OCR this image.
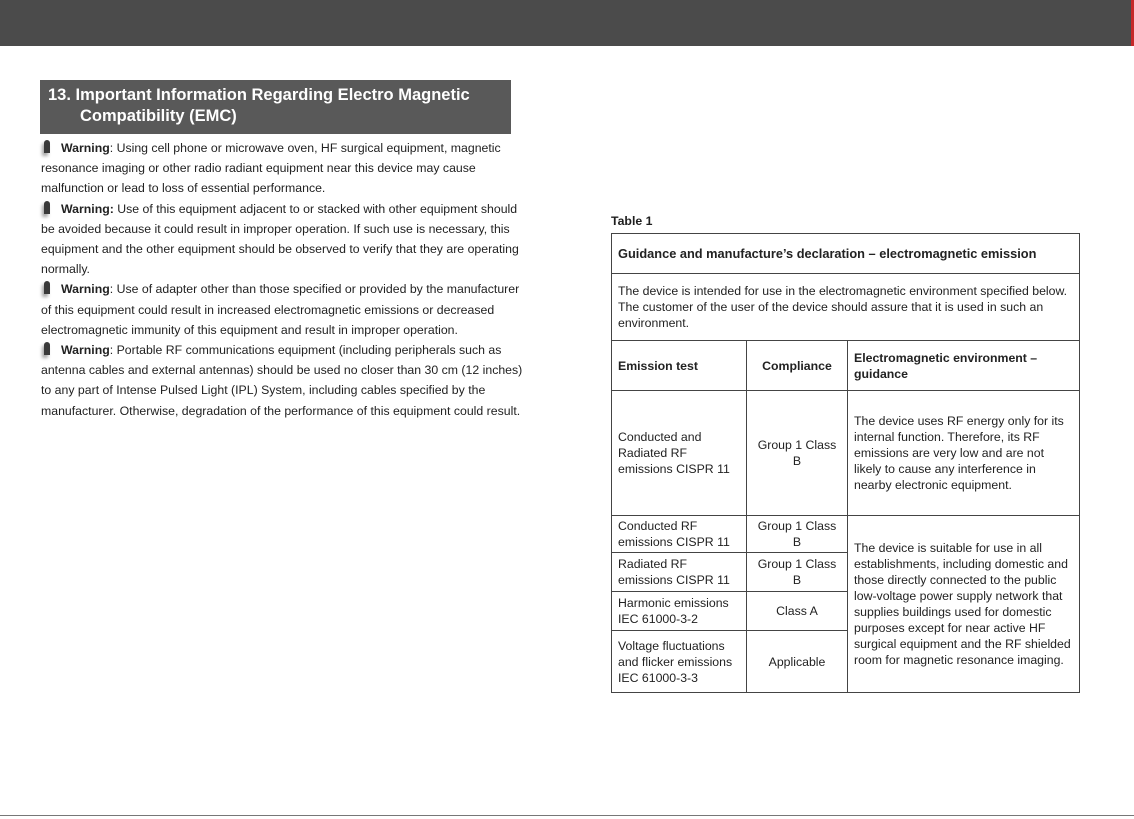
13. Important Information Regarding Electro Magnetic
Compatibility (EMC)

Warning: Using cell phone or microwave oven, HF surgical equipment, magnetic resonance imaging or other radio radiant equipment near this device may cause malfunction or lead to loss of essential performance.

Warning: Use of this equipment adjacent to or stacked with other equipment should be avoided because it could result in improper operation. If such use is necessary, this equipment and the other equipment should be observed to verify that they are operating normally.

Warning: Use of adapter other than those specified or provided by the manufacturer of this equipment could result in increased electromagnetic emissions or decreased electromagnetic immunity of this equipment and result in improper operation.

Warning: Portable RF communications equipment (including peripherals such as antenna cables and external antennas) should be used no closer than 30 cm (12 inches) to any part of Intense Pulsed Light (IPL) System, including cables specified by the manufacturer. Otherwise, degradation of the performance of this equipment could result.

Table 1
Guidance and manufacture’s declaration – electromagnetic emission		
The device is intended for use in the electromagnetic environment specified below. The customer of the user of the device should assure that it is used in such an environment.		
Emission test	Compliance	Electromagnetic environment – guidance
Conducted and Radiated RF emissions CISPR 11	Group 1 Class B	The device uses RF energy only for its internal function. Therefore, its RF emissions are very low and are not likely to cause any interference in nearby electronic equipment.
Conducted RF emissions CISPR 11	Group 1 Class B	The device is suitable for use in all establishments, including domestic and those directly connected to the public low-voltage power supply network that supplies buildings used for domestic purposes except for near active HF surgical equipment and the RF shielded room for magnetic resonance imaging.
Radiated RF emissions CISPR 11	Group 1 Class B	
Harmonic emissions IEC 61000-3-2	Class A	
Voltage fluctuations and flicker emissions IEC 61000-3-3	Applicable	
